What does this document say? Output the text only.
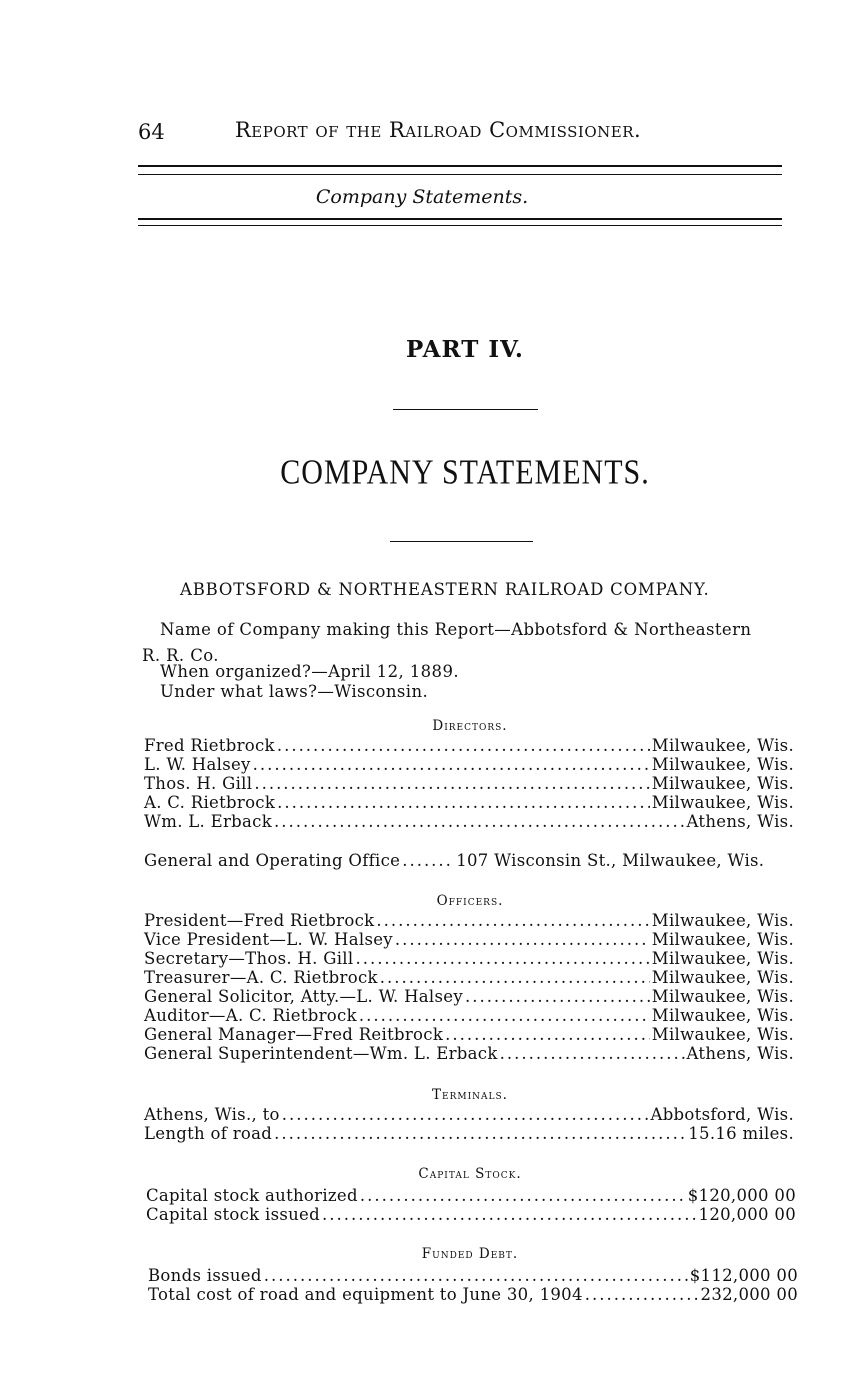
64	Report of the Railroad Commissioner.
Company Statements.
PART IV.
COMPANY STATEMENTS.
ABBOTSFORD & NORTHEASTERN RAILROAD COMPANY.
Name of Company making this Report—Abbotsford & Northeastern
R. R. Co.
When organized?—April 12, 1889.
Under what laws?—Wisconsin.
Directors.
Fred Rietbrock .....	Milwaukee, Wis.
L. W. Halsey .....	Milwaukee, Wis.
Thos. H. Gill .....	Milwaukee, Wis.
A. C. Rietbrock .....	Milwaukee, Wis.
Wm. L. Erback .....	Athens, Wis.
General and Operating Office .....	107 Wisconsin St., Milwaukee, Wis.
Officers.
President—Fred Rietbrock .....	Milwaukee, Wis.
Vice President—L. W. Halsey .....	Milwaukee, Wis.
Secretary—Thos. H. Gill .....	Milwaukee, Wis.
Treasurer—A. C. Rietbrock .....	Milwaukee, Wis.
General Solicitor, Atty.—L. W. Halsey .....	Milwaukee, Wis.
Auditor—A. C. Rietbrock .....	Milwaukee, Wis.
General Manager—Fred Reitbrock .....	Milwaukee, Wis.
General Superintendent—Wm. L. Erback .....	Athens, Wis.
Terminals.
Athens, Wis., to .....	Abbotsford, Wis.
Length of road .....	15.16 miles.
Capital Stock.
Capital stock authorized .....	$120,000 00
Capital stock issued .....	120,000 00
Funded Debt.
Bonds issued .....	$112,000 00
Total cost of road and equipment to June 30, 1904 .....	232,000 00
